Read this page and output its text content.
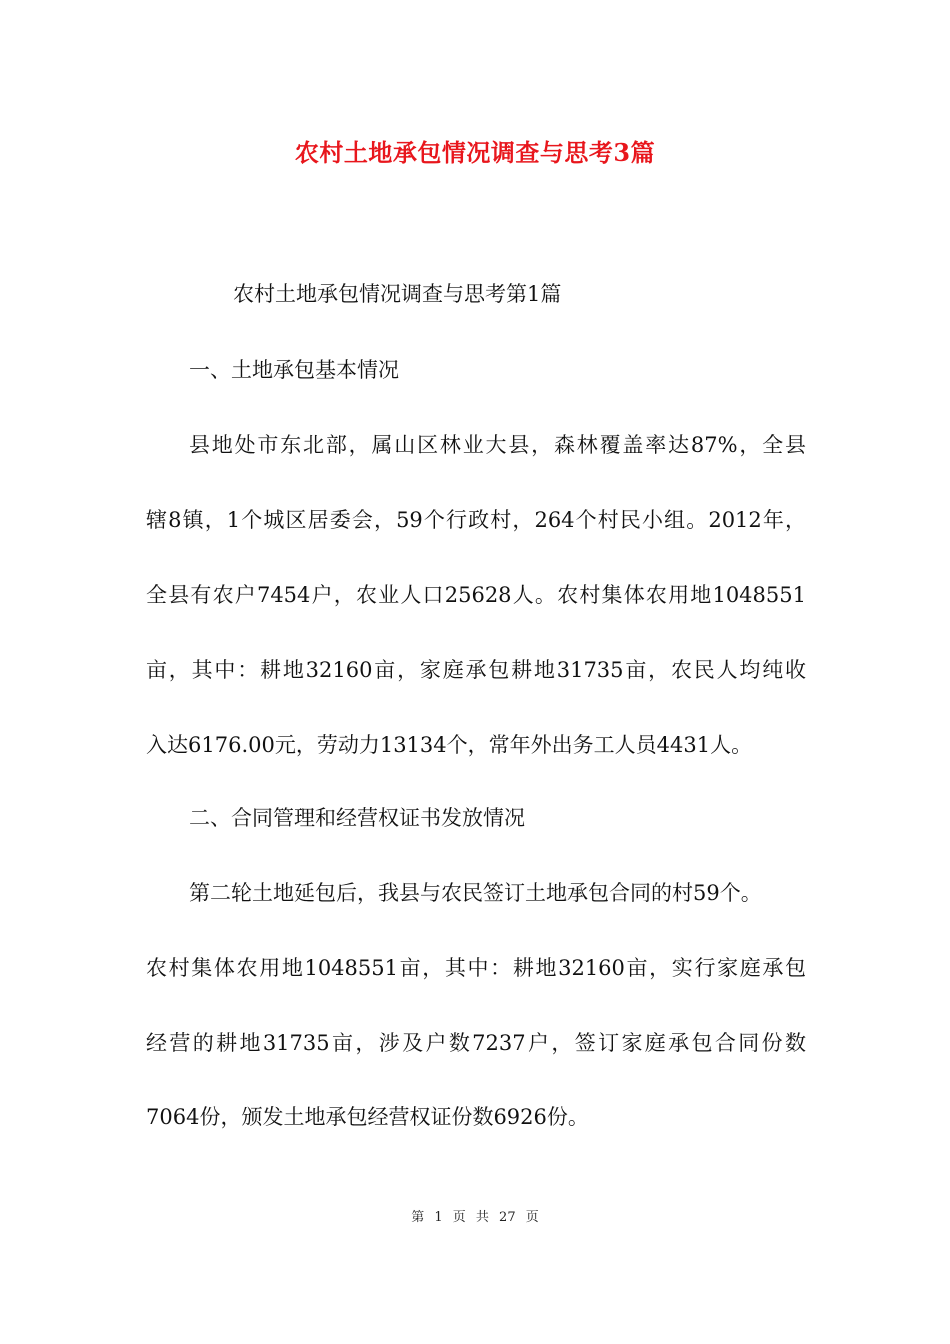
农村土地承包情况调查与思考3篇
农村土地承包情况调查与思考第1篇
一、土地承包基本情况
县地处市东北部，属山区林业大县，森林覆盖率达87%，全县
辖8镇，1个城区居委会，59个行政村，264个村民小组。2012年，
全县有农户7454户，农业人口25628人。农村集体农用地1048551
亩，其中：耕地32160亩，家庭承包耕地31735亩，农民人均纯收
入达6176.00元，劳动力13134个，常年外出务工人员4431人。
二、合同管理和经营权证书发放情况
第二轮土地延包后，我县与农民签订土地承包合同的村59个。
农村集体农用地1048551亩，其中：耕地32160亩，实行家庭承包
经营的耕地31735亩，涉及户数7237户，签订家庭承包合同份数
7064份，颁发土地承包经营权证份数6926份。
第 1 页 共 27 页
